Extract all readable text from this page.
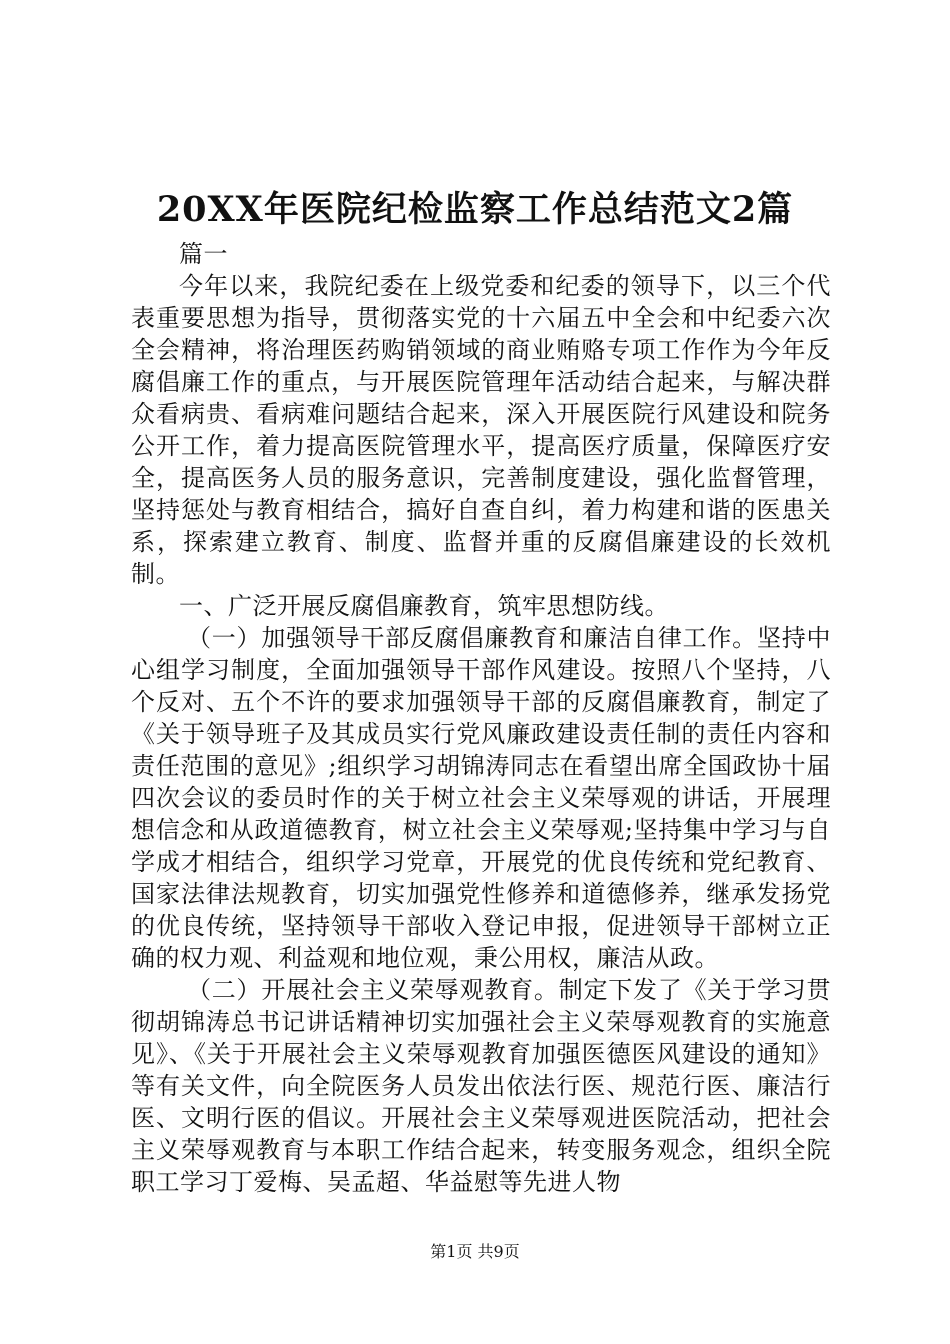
20XX年医院纪检监察工作总结范文2篇

篇一

今年以来，我院纪委在上级党委和纪委的领导下，以三个代表重要思想为指导，贯彻落实党的十六届五中全会和中纪委六次全会精神，将治理医药购销领域的商业贿赂专项工作作为今年反腐倡廉工作的重点，与开展医院管理年活动结合起来，与解决群众看病贵、看病难问题结合起来，深入开展医院行风建设和院务公开工作，着力提高医院管理水平，提高医疗质量，保障医疗安全，提高医务人员的服务意识，完善制度建设，强化监督管理，坚持惩处与教育相结合，搞好自查自纠，着力构建和谐的医患关系，探索建立教育、制度、监督并重的反腐倡廉建设的长效机制。

一、广泛开展反腐倡廉教育，筑牢思想防线。

（一）加强领导干部反腐倡廉教育和廉洁自律工作。坚持中心组学习制度，全面加强领导干部作风建设。按照八个坚持，八个反对、五个不许的要求加强领导干部的反腐倡廉教育，制定了《关于领导班子及其成员实行党风廉政建设责任制的责任内容和责任范围的意见》;组织学习胡锦涛同志在看望出席全国政协十届四次会议的委员时作的关于树立社会主义荣辱观的讲话，开展理想信念和从政道德教育，树立社会主义荣辱观;坚持集中学习与自学成才相结合，组织学习党章，开展党的优良传统和党纪教育、国家法律法规教育，切实加强党性修养和道德修养，继承发扬党的优良传统，坚持领导干部收入登记申报，促进领导干部树立正确的权力观、利益观和地位观，秉公用权，廉洁从政。

（二）开展社会主义荣辱观教育。制定下发了《关于学习贯彻胡锦涛总书记讲话精神切实加强社会主义荣辱观教育的实施意见》、《关于开展社会主义荣辱观教育加强医德医风建设的通知》等有关文件，向全院医务人员发出依法行医、规范行医、廉洁行医、文明行医的倡议。开展社会主义荣辱观进医院活动，把社会主义荣辱观教育与本职工作结合起来，转变服务观念，组织全院职工学习丁爱梅、吴孟超、华益慰等先进人物

第1页 共9页
